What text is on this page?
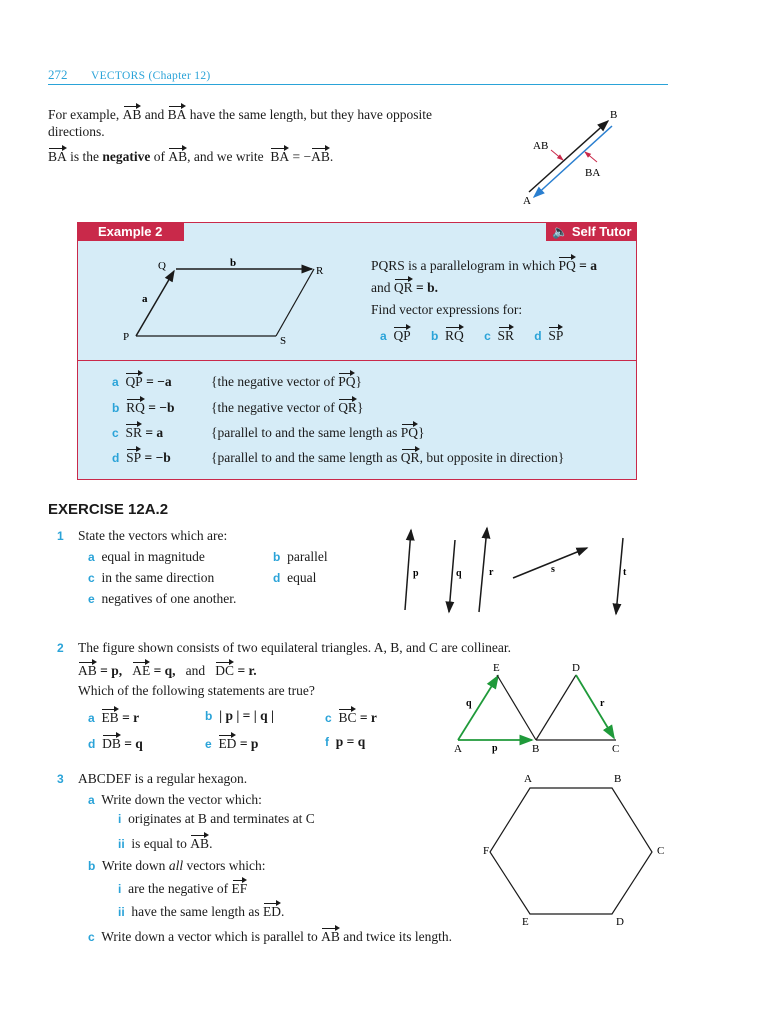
272 VECTORS (Chapter 12)
For example, AB and BA have the same length, but they have opposite
directions.
BA is the negative of AB, and we write BA = −AB.
B
A
AB
BA
Example 2	🔈 Self Tutor
Q	R
P	S
a
b	PQRS is a parallelogram in which PQ = a
and QR = b.
Find vector expressions for:
a QP b RQ c SR d SP
a QP = −a	{the negative vector of PQ}
b RQ = −b	{the negative vector of QR}
c SR = a	{parallel to and the same length as PQ}
d SP = −b	{parallel to and the same length as QR, but opposite in direction}
EXERCISE 12A.2
1 State the vectors which are:
a equal in magnitude	b parallel
c in the same direction	d equal
e negatives of one another.
p	q	r	s	t
2 The figure shown consists of two equilateral triangles. A, B, and C are collinear.
AB = p, AE = q, and DC = r.
Which of the following statements are true?
a EB = r	b | p | = | q |	c BC = r
d DB = q	e ED = p	f p = q	A	B	C
D
E
p
q	r
3 ABCDEF is a regular hexagon.
a Write down the vector which:
i originates at B and terminates at C
ii is equal to AB.
b Write down all vectors which:
i are the negative of EF
ii have the same length as ED.
c Write down a vector which is parallel to AB and twice its length.
A	B
C
D
E
F
